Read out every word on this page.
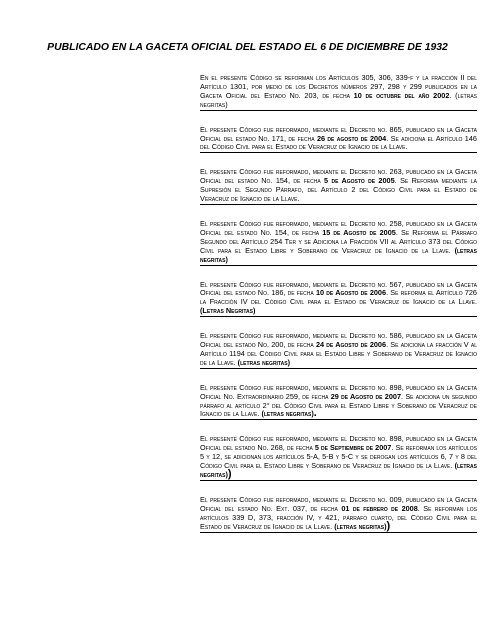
PUBLICADO EN LA GACETA OFICIAL DEL ESTADO EL 6 DE DICIEMBRE DE 1932

En el presente Código se reforman los Artículos 305, 306, 339-f y la fracción II del Artículo 1301, por medio de los Decretos números 297, 298 y 299 publicados en la Gaceta Oficial del Estado No. 203, de fecha 10 de octubre del año 2002. (letras negritas)

El presente Código fue reformado, mediante el Decreto no. 865, publicado en la Gaceta Oficial del estado No. 171, de fecha 26 de agosto de 2004. Se adiciona el Artículo 146 del Código Civil para el Estado de Veracruz de Ignacio de la Llave.

El presente Código fue reformado, mediante el Decreto no. 263, publicado en la Gaceta Oficial del estado No. 154, de fecha 5 de Agosto de 2005. Se Reforma mediante la Supresión el Segundo Párrafo, del Artículo 2 del Código Civil para el Estado de Veracruz de Ignacio de la Llave.

El presente Código fue reformado, mediante el Decreto no. 258, publicado en la Gaceta Oficial del estado No. 154, de fecha 15 de Agosto de 2005. Se Reforma el Párrafo Segundo del Artículo 254 Ter y se Adiciona la Fracción VII al Artículo 373 del Código Civil para el Estado Libre y Soberano de Veracruz de Ignacio de la Llave. (letras negritas)

El presente Código fue reformado, mediante el Decreto no. 567, publicado en la Gaceta Oficial del estado No. 186, de fecha 10 de Agosto de 2006. Se reforma el Artículo 726 la Fracción IV del Código Civil para el Estado de Veracruz de Ignacio de la Llave. (Letras Negritas)

El presente Código fue reformado, mediante el Decreto no. 586, publicado en la Gaceta Oficial del estado No. 200, de fecha 24 de Agosto de 2006. Se adiciona la fracción V al Artículo 1194 del Código Civil para el Estado Libre y Soberano de Veracruz de Ignacio de la Llave. (letras negritas)

El presente Código fue reformado, mediante el Decreto no. 898, publicado en la Gaceta Oficial No. Extraordinario 259, de fecha 29 de Agosto de 2007. Se adiciona un segundo párrafo al artículo 2° del Código Civil para el Estado Libre y Soberano de Veracruz de Ignacio de la Llave. (letras negritas).

El presente Código fue reformado, mediante el Decreto no. 898, publicado en la Gaceta Oficial del estado No. 268, de fecha 5 de Septiembre de 2007. Se reforman los artículos 5 y 12, se adicionan los artículos 5-A, 5-B y 5-C y se derogan los artículos 6, 7 y 8 del Código Civil para el Estado Libre y Soberano de Veracruz de Ignacio de la Llave. (letras negritas))

El presente Código fue reformado, mediante el Decreto no. 009, publicado en la Gaceta Oficial del estado No. Ext. 037, de fecha 01 de febrero de 2008. Se reforman los artículos 339 D, 373, fracción IV, y 421, párrafo cuarto, del Código Civil para el Estado de Veracruz de Ignacio de la Llave. (letras negritas))
